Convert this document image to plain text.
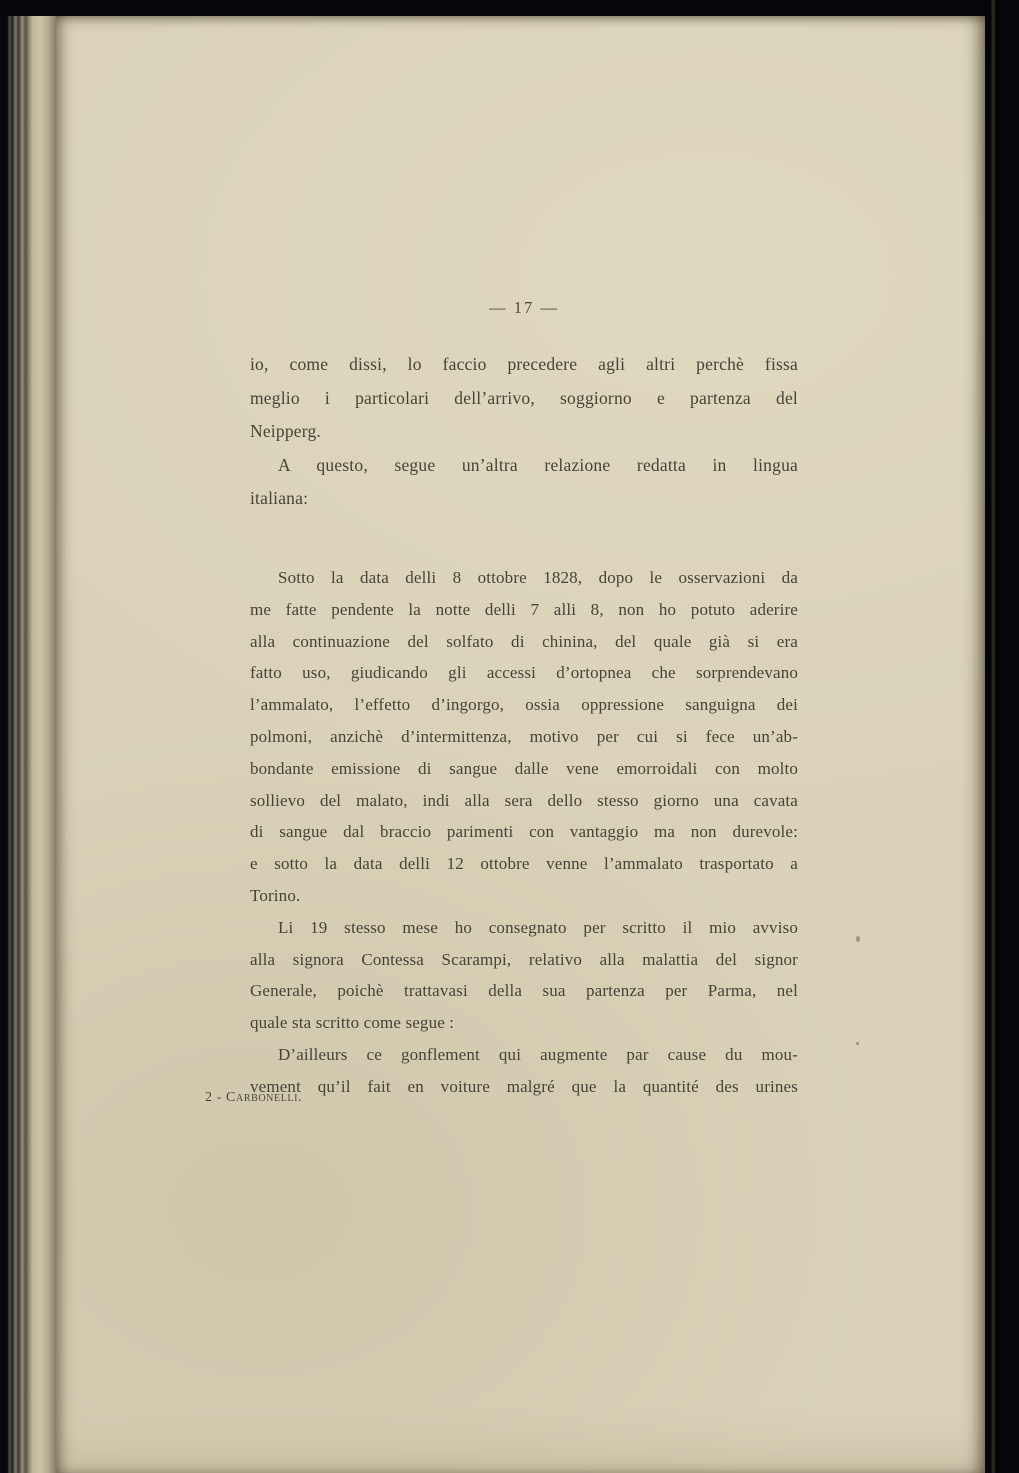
— 17 —
io, come dissi, lo faccio precedere agli altri perchè fissa
meglio i particolari dell’arrivo, soggiorno e partenza del
Neipperg.
A questo, segue un’altra relazione redatta in lingua
italiana:
Sotto la data delli 8 ottobre 1828, dopo le osservazioni da
me fatte pendente la notte delli 7 alli 8, non ho potuto aderire
alla continuazione del solfato di chinina, del quale già si era
fatto uso, giudicando gli accessi d’ortopnea che sorprendevano
l’ammalato, l’effetto d’ingorgo, ossia oppressione sanguigna dei
polmoni, anzichè d’intermittenza, motivo per cui si fece un’ab-
bondante emissione di sangue dalle vene emorroidali con molto
sollievo del malato, indi alla sera dello stesso giorno una cavata
di sangue dal braccio parimenti con vantaggio ma non durevole:
e sotto la data delli 12 ottobre venne l’ammalato trasportato a
Torino.
Li 19 stesso mese ho consegnato per scritto il mio avviso
alla signora Contessa Scarampi, relativo alla malattia del signor
Generale, poichè trattavasi della sua partenza per Parma, nel
quale sta scritto come segue :
D’ailleurs ce gonflement qui augmente par cause du mou-
vement qu’il fait en voiture malgré que la quantité des urines
2 - Carbonelli.
